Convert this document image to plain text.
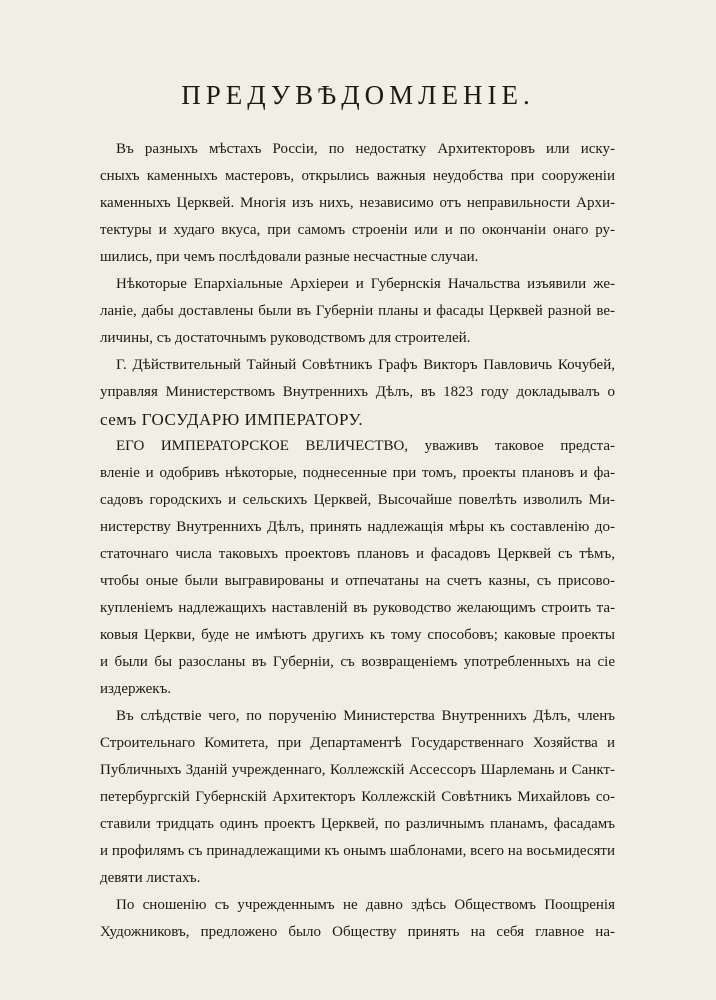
ПРЕДУВѢДОМЛЕНІЕ.
Въ разныхъ мѣстахъ Россіи, по недостатку Архитекторовъ или иску-
сныхъ каменныхъ мастеровъ, открылись важныя неудобства при сооруженіи
каменныхъ Церквей. Многія изъ нихъ, независимо отъ неправильности Архи-
тектуры и худаго вкуса, при самомъ строеніи или и по окончаніи онаго ру-
шились, при чемъ послѣдовали разные несчастные случаи.
Нѣкоторые Епархіальные Архіереи и Губернскія Начальства изъявили же-
ланіе, дабы доставлены были въ Губерніи планы и фасады Церквей разной ве-
личины, съ достаточнымъ руководствомъ для строителей.
Г. Дѣйствительный Тайный Совѣтникъ Графъ Викторъ Павловичь Кочубей,
управляя Министерствомъ Внутреннихъ Дѣлъ, въ 1823 году докладывалъ о
семъ ГОСУДАРЮ ИМПЕРАТОРУ.
ЕГО ИМПЕРАТОРСКОЕ ВЕЛИЧЕСТВО, уваживъ таковое предста-
вленіе и одобривъ нѣкоторые, поднесенные при томъ, проекты плановъ и фа-
садовъ городскихъ и сельскихъ Церквей, Высочайше повелѣть изволилъ Ми-
нистерству Внутреннихъ Дѣлъ, принять надлежащія мѣры къ составленію до-
статочнаго числа таковыхъ проектовъ плановъ и фасадовъ Церквей съ тѣмъ,
чтобы оные были выгравированы и отпечатаны на счетъ казны, съ присово-
купленіемъ надлежащихъ наставленій въ руководство желающимъ строить та-
ковыя Церкви, буде не имѣютъ другихъ къ тому способовъ; каковые проекты
и были бы разосланы въ Губерніи, съ возвращеніемъ употребленныхъ на сіе
издержекъ.
Въ слѣдствіе чего, по порученію Министерства Внутреннихъ Дѣлъ, членъ
Строительнаго Комитета, при Департаментѣ Государственнаго Хозяйства и
Публичныхъ Зданій учрежденнаго, Коллежскій Ассессоръ Шарлемань и Санкт-
петербургскій Губернскій Архитекторъ Коллежскій Совѣтникъ Михайловъ со-
ставили тридцать одинъ проектъ Церквей, по различнымъ планамъ, фасадамъ
и профилямъ съ принадлежащими къ онымъ шаблонами, всего на восьмидесяти
девяти листахъ.
По сношенію съ учрежденнымъ не давно здѣсь Обществомъ Поощренія
Художниковъ, предложено было Обществу принять на себя главное на-
